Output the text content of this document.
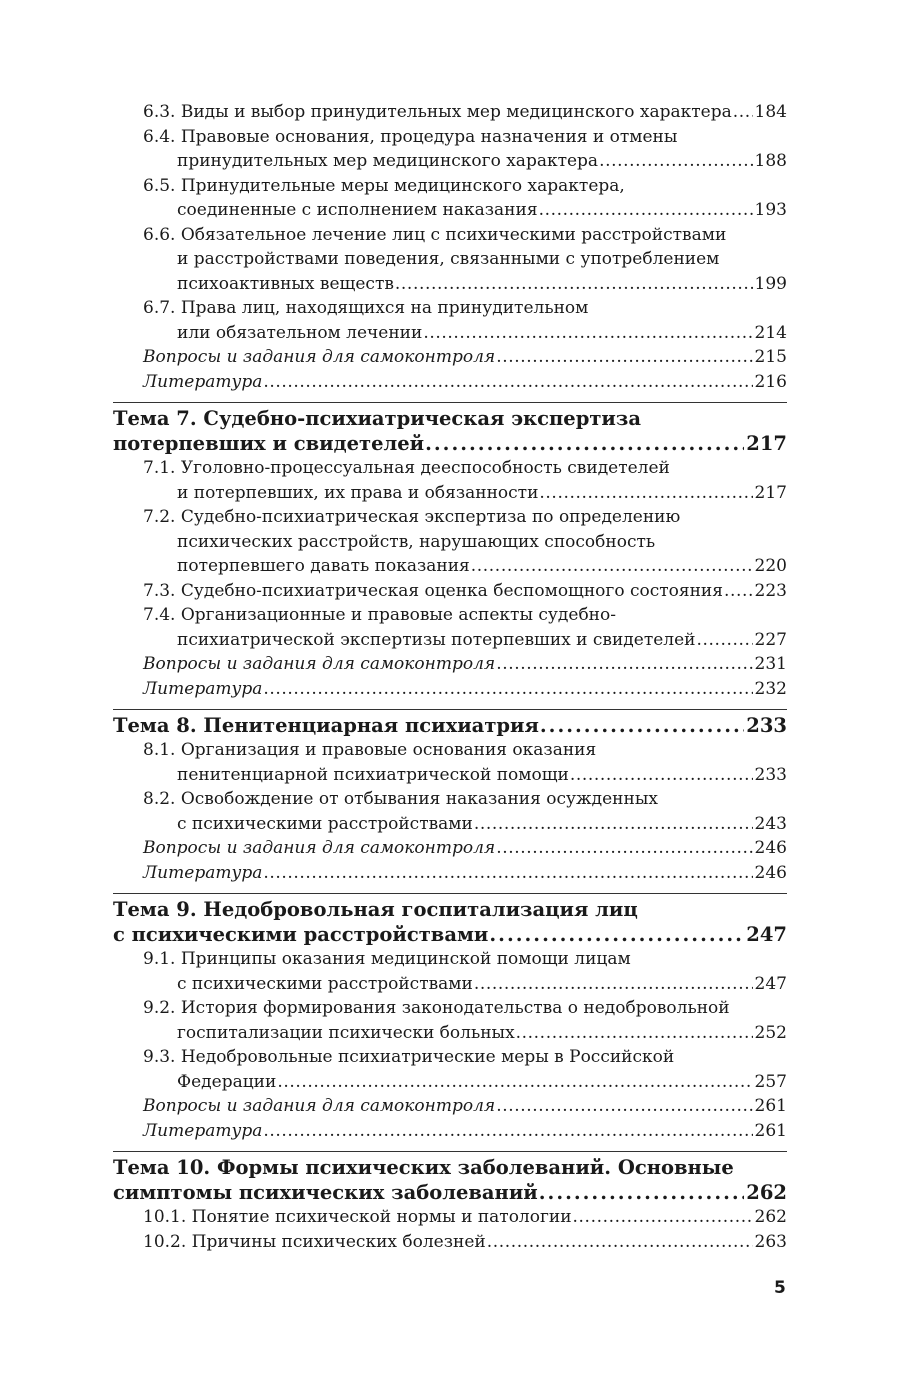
6.3. Виды и выбор принудительных мер медицинского характера . . . 184
6.4. Правовые основания, процедура назначения и отмены
принудительных мер медицинского характера . . .	188
6.5. Принудительные меры медицинского характера,
соединенные с исполнением наказания . . .	193
6.6. Обязательное лечение лиц с психическими расстройствами
и расстройствами поведения, связанными с употреблением
психоактивных веществ . . .	199
6.7. Права лиц, находящихся на принудительном
или обязательном лечении . . .	214
Вопросы и задания для самоконтроля . . .	215
Литература . . .	216
Тема 7. Судебно-психиатрическая экспертиза
потерпевших и свидетелей . . .	217
7.1. Уголовно-процессуальная дееспособность свидетелей
и потерпевших, их права и обязанности . . .	217
7.2. Судебно-психиатрическая экспертиза по определению
психических расстройств, нарушающих способность
потерпевшего давать показания . . .	220
7.3. Судебно-психиатрическая оценка беспомощного состояния . . . 223
7.4. Организационные и правовые аспекты судебно-
психиатрической экспертизы потерпевших и свидетелей . . .	227
Вопросы и задания для самоконтроля . . .	231
Литература . . .	232
Тема 8. Пенитенциарная психиатрия . . .	233
8.1. Организация и правовые основания оказания
пенитенциарной психиатрической помощи . . .	233
8.2. Освобождение от отбывания наказания осужденных
с психическими расстройствами . . .	243
Вопросы и задания для самоконтроля . . .	246
Литература . . .	246
Тема 9. Недобровольная госпитализация лиц
с психическими расстройствами . . .	247
9.1. Принципы оказания медицинской помощи лицам
с психическими расстройствами . . .	247
9.2. История формирования законодательства о недобровольной
госпитализации психически больных . . .	252
9.3. Недобровольные психиатрические меры в Российской
Федерации . . .	257
Вопросы и задания для самоконтроля . . .	261
Литература . . .	261
Тема 10. Формы психических заболеваний. Основные
симптомы психических заболеваний . . .	262
10.1. Понятие психической нормы и патологии . . .	262
10.2. Причины психических болезней . . .	263
5
